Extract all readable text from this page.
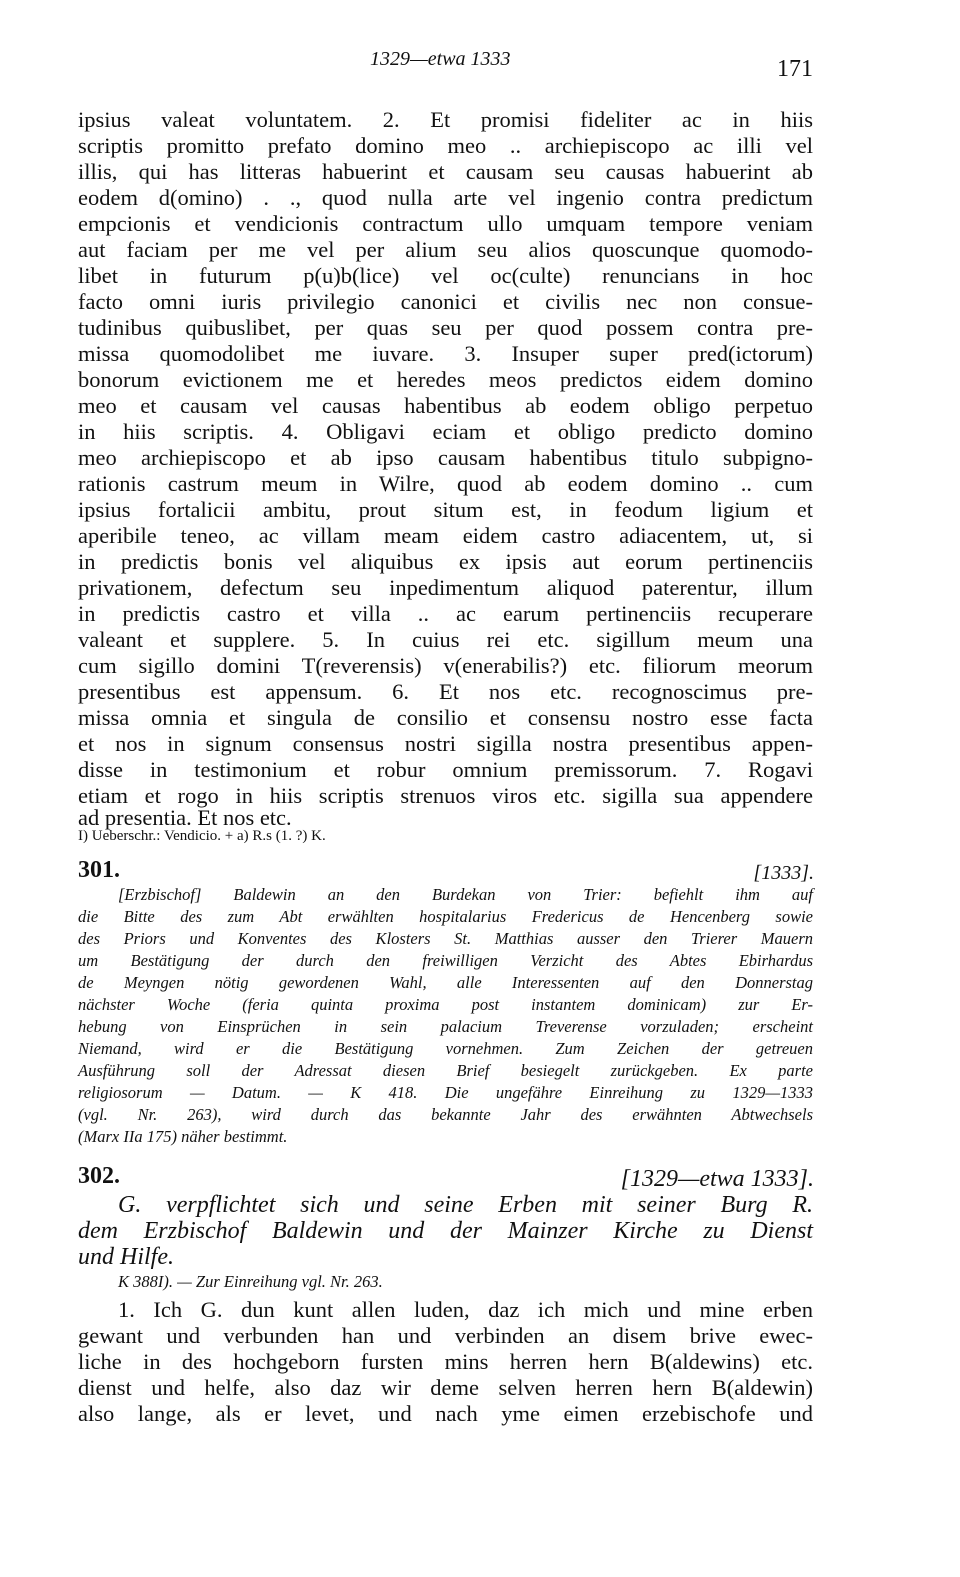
1329—etwa 1333	171
ipsius valeat voluntatem. 2. Et promisi fideliter ac in hiis
scriptis promitto prefato domino meo .. archiepiscopo ac illi vel
illis, qui has litteras habuerint et causam seu causas habuerint ab
eodem d(omino) . ., quod nulla arte vel ingenio contra predictum
empcionis et vendicionis contractum ullo umquam tempore veniam
aut faciam per me vel per alium seu alios quoscunque quomodo-
libet in futurum p(u)b(lice) vel oc(culte) renuncians in hoc
facto omni iuris privilegio canonici et civilis nec non consue-
tudinibus quibuslibet, per quas seu per quod possem contra pre-
missa quomodolibet me iuvare. 3. Insuper super pred(ictorum)
bonorum evictionem me et heredes meos predictos eidem domino
meo et causam vel causas habentibus ab eodem obligo perpetuo
in hiis scriptis. 4. Obligavi eciam et obligo predicto domino
meo archiepiscopo et ab ipso causam habentibus titulo subpigno-
rationis castrum meum in Wilre, quod ab eodem domino .. cum
ipsius fortalicii ambitu, prout situm est, in feodum ligium et
aperibile teneo, ac villam meam eidem castro adiacentem, ut, si
in predictis bonis vel aliquibus ex ipsis aut eorum pertinenciis
privationem, defectum seu inpedimentum aliquod paterentur, illum
in predictis castro et villa .. ac earum pertinenciis recuperare
valeant et supplere. 5. In cuius rei etc. sigillum meum una
cum sigillo domini T(reverensis) v(enerabilis?) etc. filiorum meorum
presentibus est appensum. 6. Et nos etc. recognoscimus pre-
missa omnia et singula de consilio et consensu nostro esse facta
et nos in signum consensus nostri sigilla nostra presentibus appen-
disse in testimonium et robur omnium premissorum. 7. Rogavi
etiam et rogo in hiis scriptis strenuos viros etc. sigilla sua appendere
ad presentia. Et nos etc.
I) Ueberschr.: Vendicio. + a) R.s (1. ?) K.
301.	[1333].
[Erzbischof] Baldewin an den Burdekan von Trier: befiehlt ihm auf
die Bitte des zum Abt erwählten hospitalarius Fredericus de Hencenberg sowie
des Priors und Konventes des Klosters St. Matthias ausser den Trierer Mauern
um Bestätigung der durch den freiwilligen Verzicht des Abtes Ebirhardus
de Meyngen nötig gewordenen Wahl, alle Interessenten auf den Donnerstag
nächster Woche (feria quinta proxima post instantem dominicam) zur Er-
hebung von Einsprüchen in sein palacium Treverense vorzuladen; erscheint
Niemand, wird er die Bestätigung vornehmen. Zum Zeichen der getreuen
Ausführung soll der Adressat diesen Brief besiegelt zurückgeben. Ex parte
religiosorum — Datum. — K 418. Die ungefähre Einreihung zu 1329—1333
(vgl. Nr. 263), wird durch das bekannte Jahr des erwähnten Abtwechsels
(Marx IIa 175) näher bestimmt.
302.	[1329—etwa 1333].
G. verpflichtet sich und seine Erben mit seiner Burg R.
dem Erzbischof Baldewin und der Mainzer Kirche zu Dienst
und Hilfe.
K 388I). — Zur Einreihung vgl. Nr. 263.
1. Ich G. dun kunt allen luden, daz ich mich und mine erben
gewant und verbunden han und verbinden an disem brive ewec-
liche in des hochgeborn fursten mins herren hern B(aldewins) etc.
dienst und helfe, also daz wir deme selven herren hern B(aldewin)
also lange, als er levet, und nach yme eimen erzebischofe und
